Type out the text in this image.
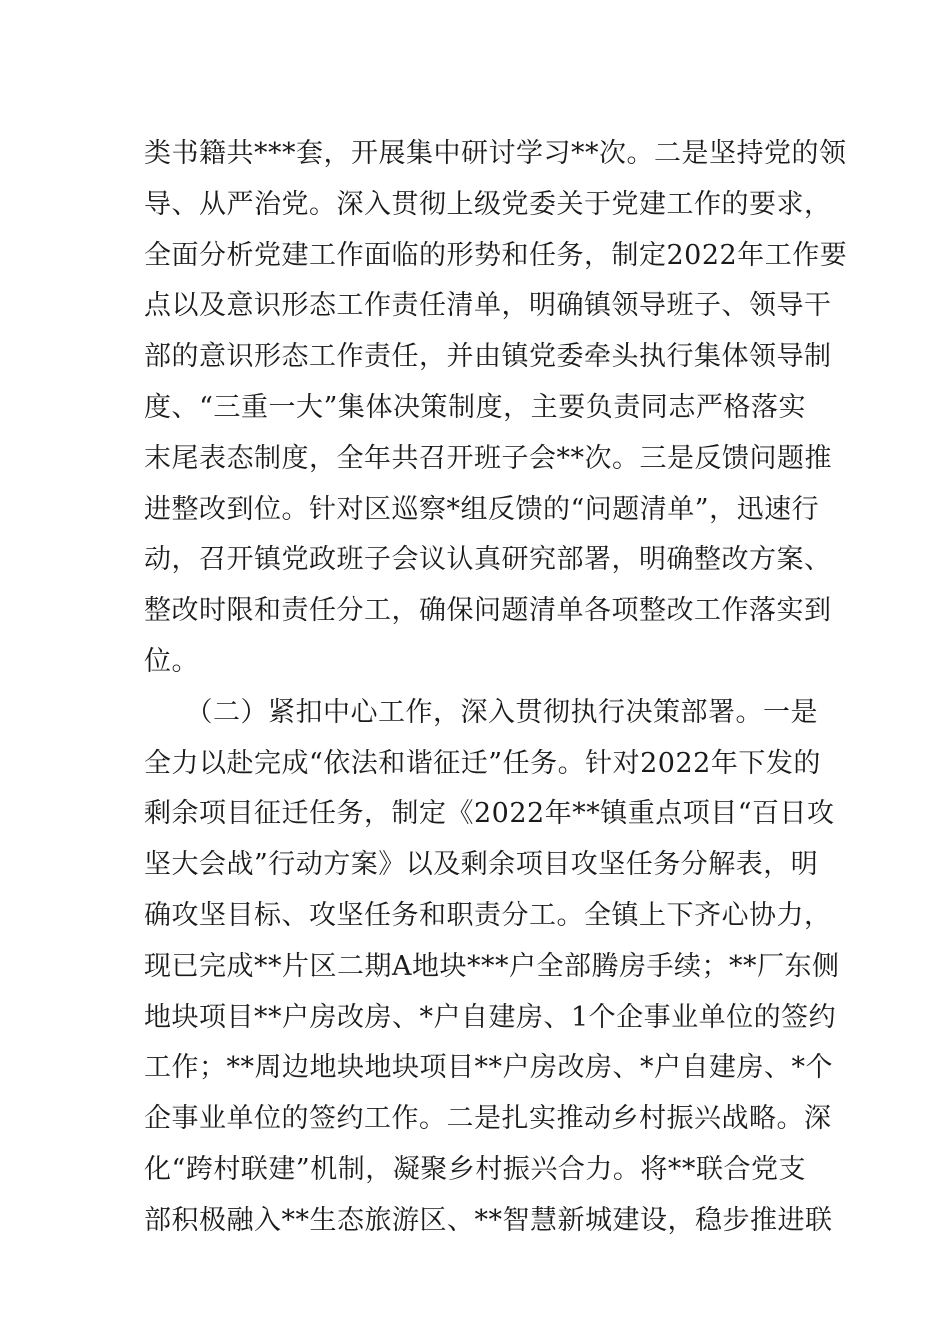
类书籍共***套，开展集中研讨学习**次。二是坚持党的领
导、从严治党。深入贯彻上级党委关于党建工作的要求，
全面分析党建工作面临的形势和任务，制定2022年工作要
点以及意识形态工作责任清单，明确镇领导班子、领导干
部的意识形态工作责任，并由镇党委牵头执行集体领导制
度、“三重一大”集体决策制度，主要负责同志严格落实
末尾表态制度，全年共召开班子会**次。三是反馈问题推
进整改到位。针对区巡察*组反馈的“问题清单”，迅速行
动，召开镇党政班子会议认真研究部署，明确整改方案、
整改时限和责任分工，确保问题清单各项整改工作落实到
位。
　　（二）紧扣中心工作，深入贯彻执行决策部署。一是
全力以赴完成“依法和谐征迁”任务。针对2022年下发的
剩余项目征迁任务，制定《2022年**镇重点项目“百日攻
坚大会战”行动方案》以及剩余项目攻坚任务分解表，明
确攻坚目标、攻坚任务和职责分工。全镇上下齐心协力，
现已完成**片区二期A地块***户全部腾房手续；**厂东侧
地块项目**户房改房、*户自建房、1个企事业单位的签约
工作；**周边地块地块项目**户房改房、*户自建房、*个
企事业单位的签约工作。二是扎实推动乡村振兴战略。深
化“跨村联建”机制，凝聚乡村振兴合力。将**联合党支
部积极融入**生态旅游区、**智慧新城建设，稳步推进联
